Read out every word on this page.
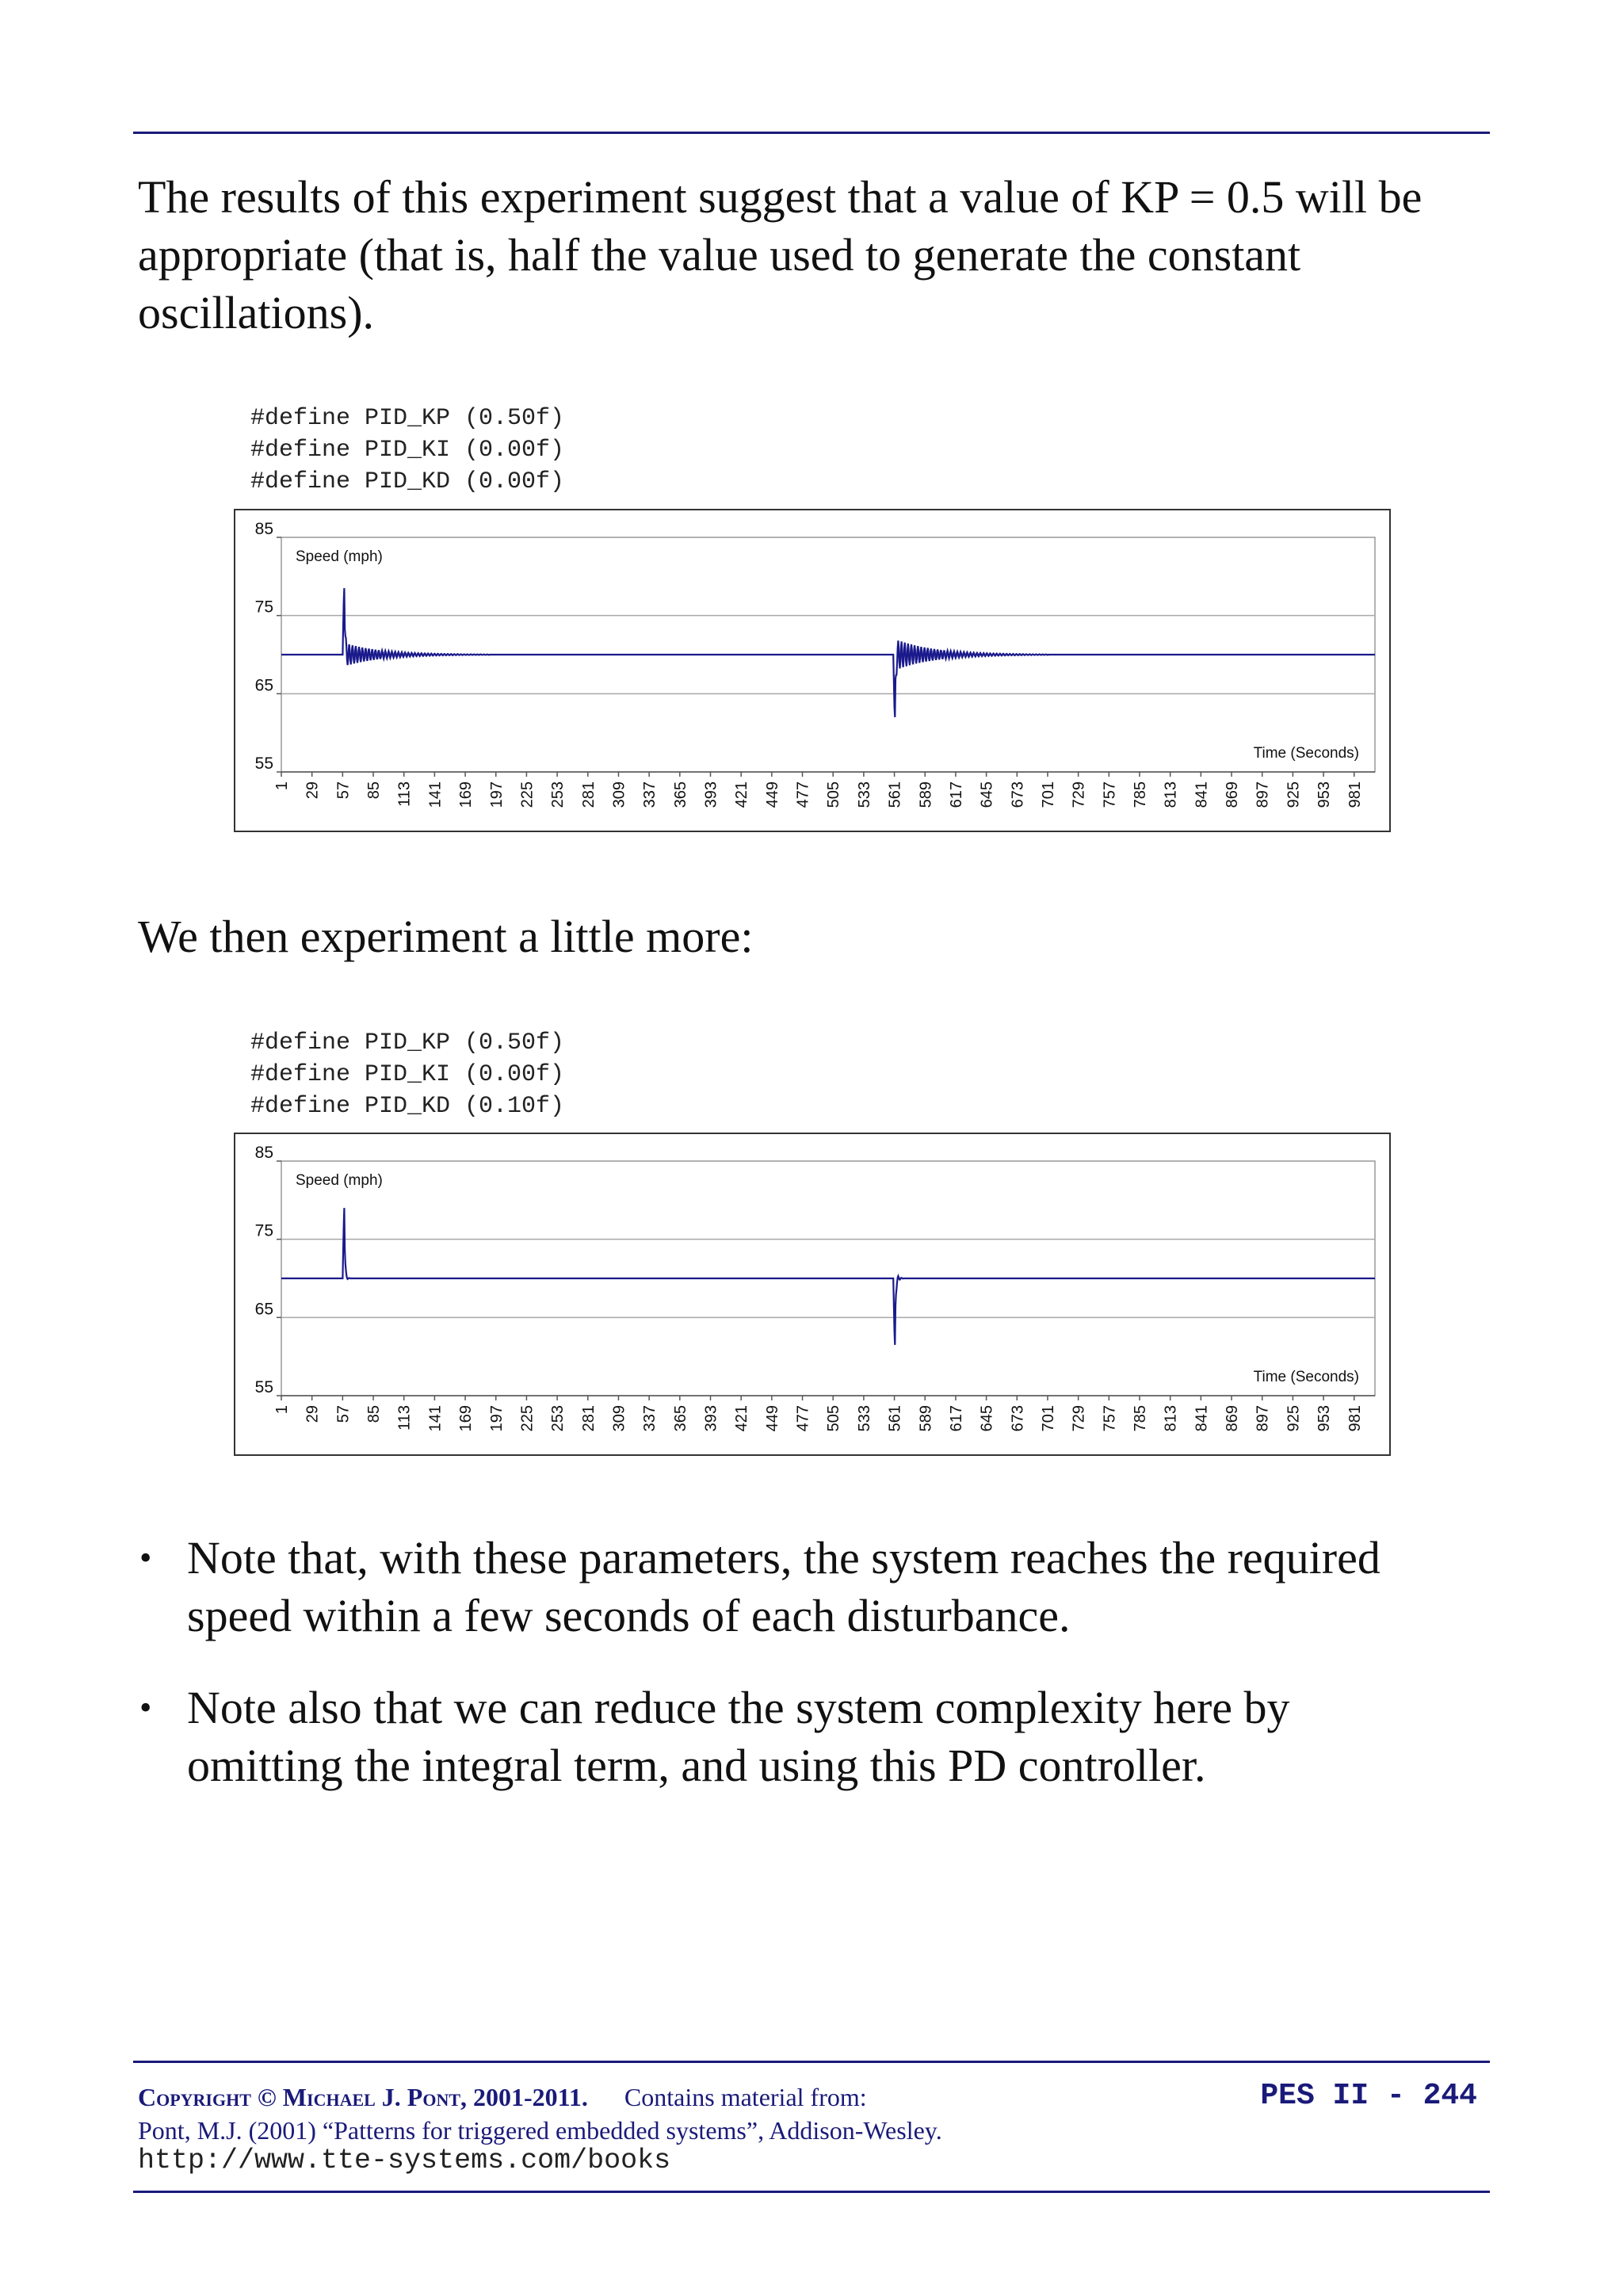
The results of this experiment suggest that a value of KP = 0.5 will be appropriate (that is, half the value used to generate the constant oscillations).
#define PID_KP (0.50f)
#define PID_KI (0.00f)
#define PID_KD (0.00f)
55
65
75
85
1 29 57 85 113 141 169 197 225 253 281 309 337 365 393 421 449 477 505 533 561 589 617 645 673 701 729 757 785 813 841 869 897 925 953 981
Speed (mph)
Time (Seconds)
We then experiment a little more:
#define PID_KP (0.50f)
#define PID_KI (0.00f)
#define PID_KD (0.10f)
55
65
75
85
1 29 57 85 113 141 169 197 225 253 281 309 337 365 393 421 449 477 505 533 561 589 617 645 673 701 729 757 785 813 841 869 897 925 953 981
Speed (mph)
Time (Seconds)
• Note that, with these parameters, the system reaches the required speed within a few seconds of each disturbance.
• Note also that we can reduce the system complexity here by omitting the integral term, and using this PD controller.
Copyright © Michael J. Pont, 2001-2011. Contains material from:
Pont, M.J. (2001) “Patterns for triggered embedded systems”, Addison-Wesley.
http://www.tte-systems.com/books
PES II - 244
